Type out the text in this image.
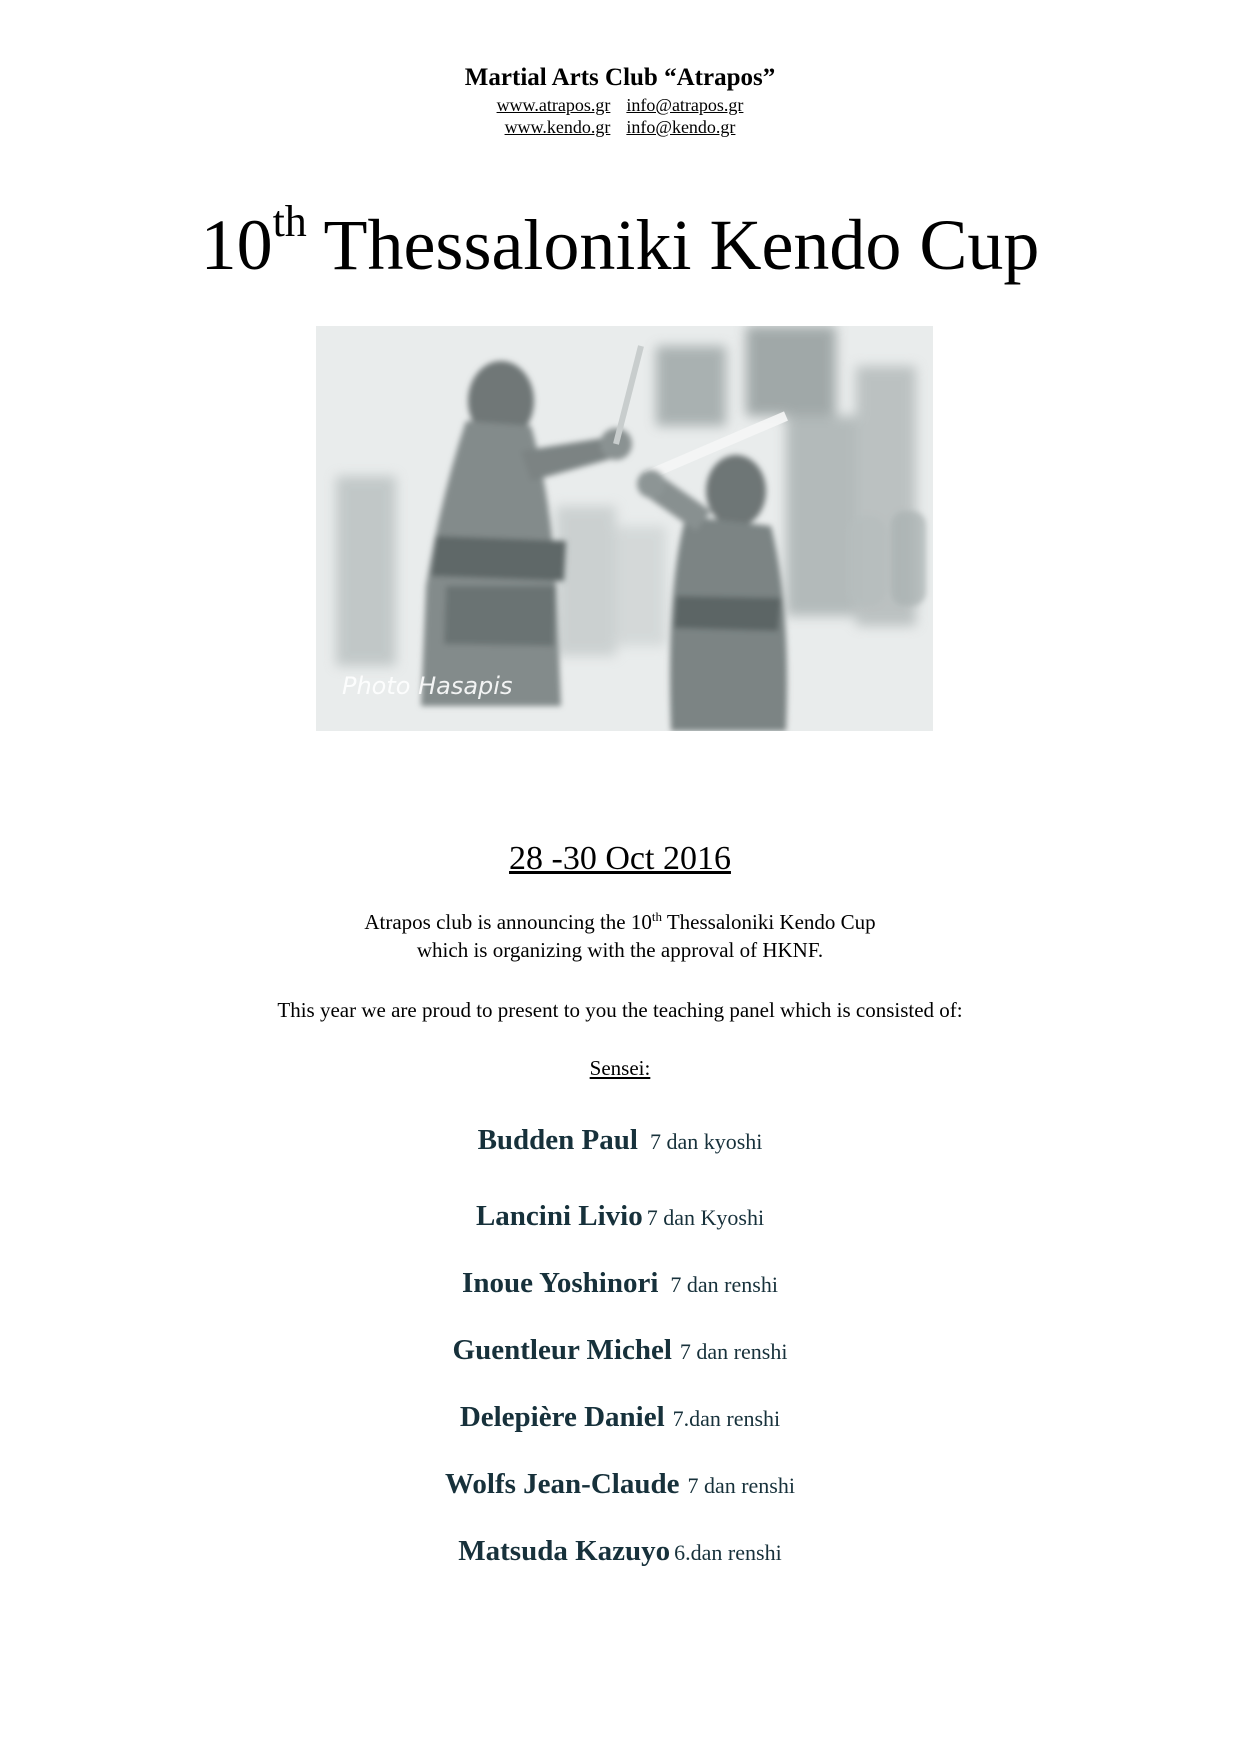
Martial Arts Club “Atrapos”
www.atrapos.gr info@atrapos.gr
www.kendo.gr info@kendo.gr
10th Thessaloniki Kendo Cup
Photo Hasapis
28 -30 Oct 2016
Atrapos club is announcing the 10th Thessaloniki Kendo Cup
which is organizing with the approval of HKNF.
This year we are proud to present to you the teaching panel which is consisted of:
Sensei:
Budden Paul 7 dan kyoshi
Lancini Livio 7 dan Kyoshi
Inoue Yoshinori 7 dan renshi
Guentleur Michel 7 dan renshi
Delepière Daniel 7.dan renshi
Wolfs Jean-Claude 7 dan renshi
Matsuda Kazuyo 6.dan renshi
